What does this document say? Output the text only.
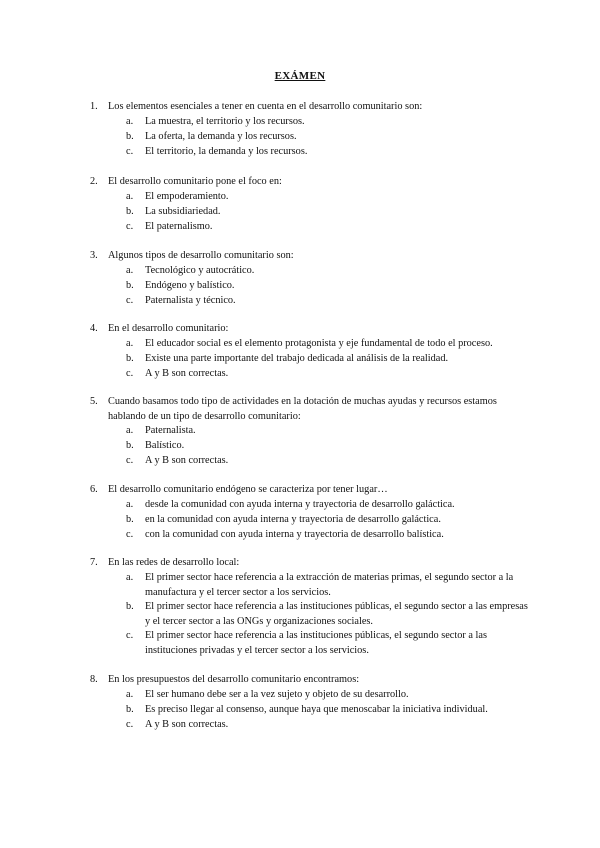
EXÁMEN
1. Los elementos esenciales a tener en cuenta en el desarrollo comunitario son:
a. La muestra, el territorio y los recursos.
b. La oferta, la demanda y los recursos.
c. El territorio, la demanda y los recursos.
2. El desarrollo comunitario pone el foco en:
a. El empoderamiento.
b. La subsidiariedad.
c. El paternalismo.
3. Algunos tipos de desarrollo comunitario son:
a. Tecnológico y autocrático.
b. Endógeno y balístico.
c. Paternalista y técnico.
4. En el desarrollo comunitario:
a. El educador social es el elemento protagonista y eje fundamental de todo el proceso.
b. Existe una parte importante del trabajo dedicada al análisis de la realidad.
c. A y B son correctas.
5. Cuando basamos todo tipo de actividades en la dotación de muchas ayudas y recursos estamos hablando de un tipo de desarrollo comunitario:
a. Paternalista.
b. Balístico.
c. A y B son correctas.
6. El desarrollo comunitario endógeno se caracteriza por tener lugar…
a. desde la comunidad con ayuda interna y trayectoria de desarrollo galáctica.
b. en la comunidad con ayuda interna y trayectoria de desarrollo galáctica.
c. con la comunidad con ayuda interna y trayectoria de desarrollo balística.
7. En las redes de desarrollo local:
a. El primer sector hace referencia a la extracción de materias primas, el segundo sector a la manufactura y el tercer sector a los servicios.
b. El primer sector hace referencia a las instituciones públicas, el segundo sector a las empresas y el tercer sector a las ONGs y organizaciones sociales.
c. El primer sector hace referencia a las instituciones públicas, el segundo sector a las instituciones privadas y el tercer sector a los servicios.
8. En los presupuestos del desarrollo comunitario encontramos:
a. El ser humano debe ser a la vez sujeto y objeto de su desarrollo.
b. Es preciso llegar al consenso, aunque haya que menoscabar la iniciativa individual.
c. A y B son correctas.
